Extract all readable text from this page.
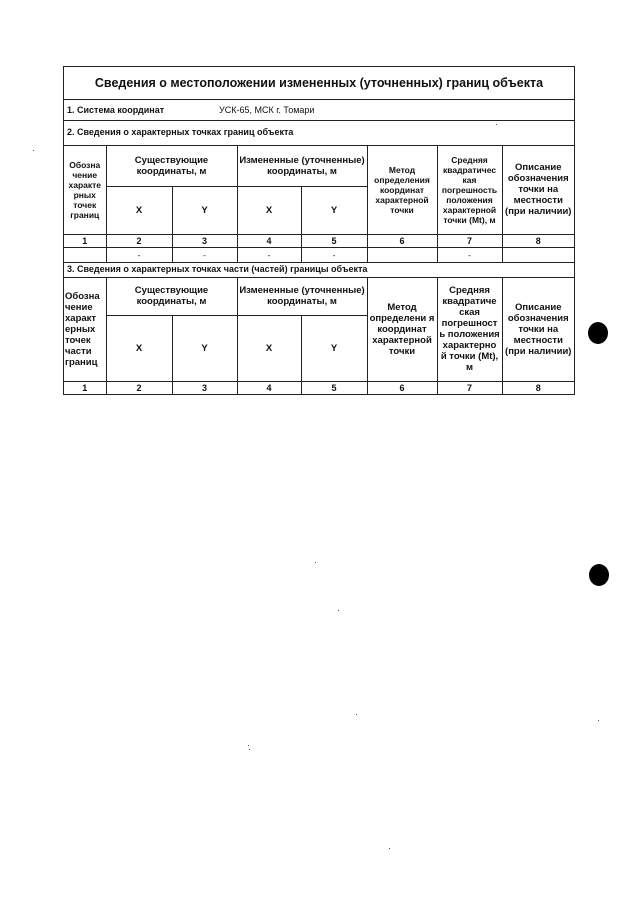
Сведения о местоположении измененных (уточненных) границ объекта
1. Система координат	УСК-65, МСК г. Томари
2. Сведения о характерных точках границ объекта
Обозна чение характе рных точек границ	Существующие координаты, м		Измененные (уточненные) координаты, м		Метод определения координат характерной точки	Средняя квадратичес кая погрешность положения характерной точки (Mt), м	Описание обозначения точки на местности (при наличии)
	X	Y	X	Y			
1	2	3	4	5	6	7	8
	-	-	-	-		-	
3. Сведения о характерных точках части (частей) границы объекта
Обозна чение характ ерных точек части границ	Существующие координаты, м		Измененные (уточненные) координаты, м		Метод определени я координат характерной точки	Средняя квадратиче ская погрешност ь положения характерно й точки (Mt), м	Описание обозначения точки на местности (при наличии)
	X	Y	X	Y			
1	2	3	4	5	6	7	8
